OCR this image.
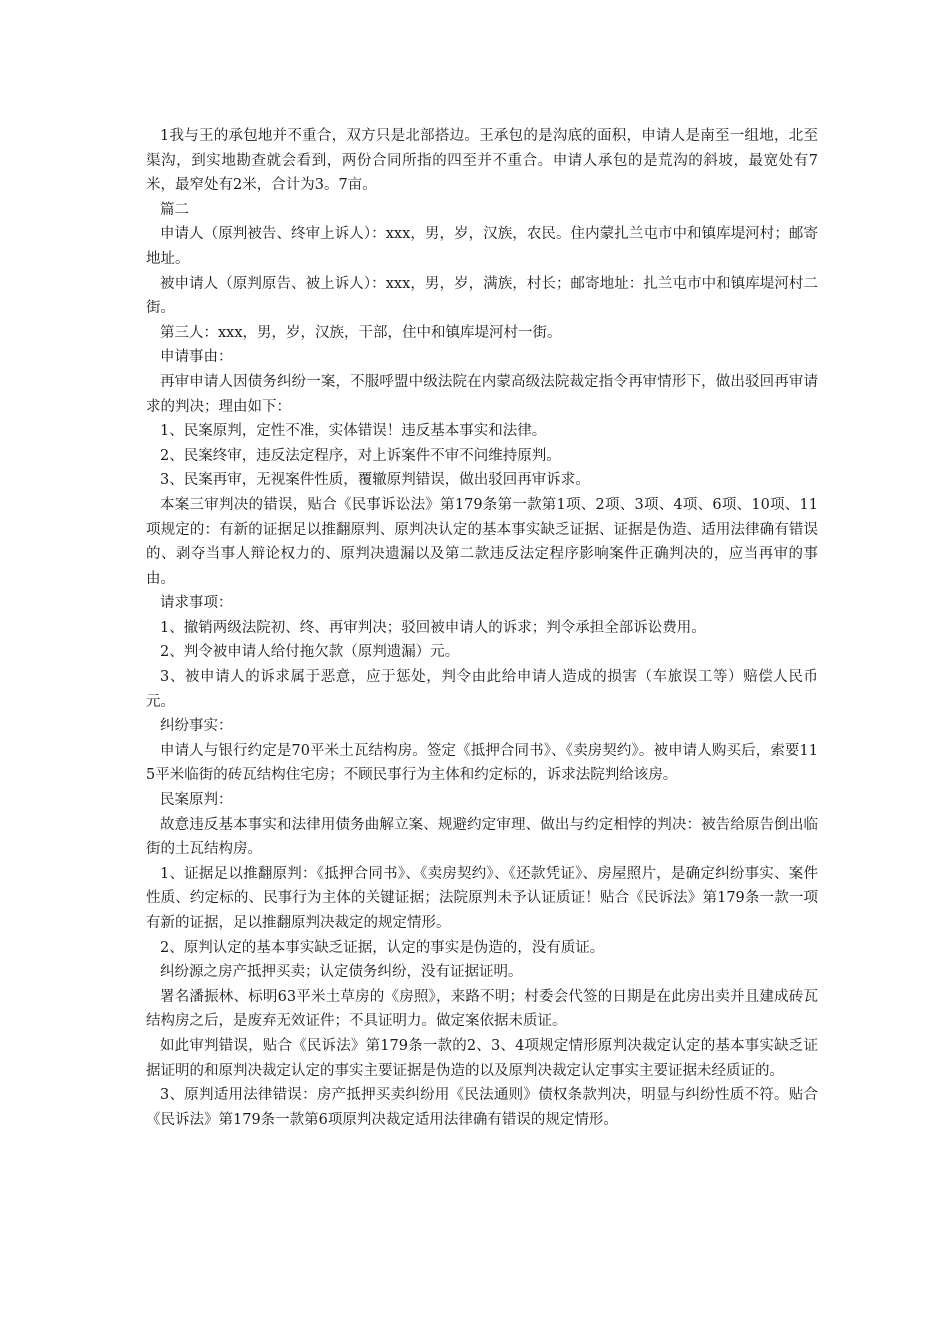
1我与王的承包地并不重合，双方只是北部搭边。王承包的是沟底的面积，申请人是南至一组地，北至渠沟，到实地勘查就会看到，两份合同所指的四至并不重合。申请人承包的是荒沟的斜坡，最宽处有7米，最窄处有2米，合计为3。7亩。

篇二

申请人（原判被告、终审上诉人）：xxx，男，岁，汉族，农民。住内蒙扎兰屯市中和镇库堤河村；邮寄地址。

被申请人（原判原告、被上诉人）：xxx，男，岁，满族，村长；邮寄地址：扎兰屯市中和镇库堤河村二街。

第三人：xxx，男，岁，汉族，干部，住中和镇库堤河村一街。

申请事由：

再审申请人因债务纠纷一案，不服呼盟中级法院在内蒙高级法院裁定指令再审情形下，做出驳回再审请求的判决；理由如下：

1、民案原判，定性不准，实体错误！违反基本事实和法律。

2、民案终审，违反法定程序，对上诉案件不审不问维持原判。

3、民案再审，无视案件性质，覆辙原判错误，做出驳回再审诉求。

本案三审判决的错误，贴合《民事诉讼法》第179条第一款第1项、2项、3项、4项、6项、10项、11项规定的：有新的证据足以推翻原判、原判决认定的基本事实缺乏证据、证据是伪造、适用法律确有错误的、剥夺当事人辩论权力的、原判决遗漏以及第二款违反法定程序影响案件正确判决的，应当再审的事由。

请求事项：

1、撤销两级法院初、终、再审判决；驳回被申请人的诉求；判令承担全部诉讼费用。

2、判令被申请人给付拖欠款（原判遗漏）元。

3、被申请人的诉求属于恶意，应于惩处，判令由此给申请人造成的损害（车旅误工等）赔偿人民币元。

纠纷事实：

申请人与银行约定是70平米土瓦结构房。签定《抵押合同书》、《卖房契约》。被申请人购买后，索要115平米临街的砖瓦结构住宅房；不顾民事行为主体和约定标的，诉求法院判给该房。

民案原判：

故意违反基本事实和法律用债务曲解立案、规避约定审理、做出与约定相悖的判决：被告给原告倒出临街的土瓦结构房。

1、证据足以推翻原判：《抵押合同书》、《卖房契约》、《还款凭证》、房屋照片，是确定纠纷事实、案件性质、约定标的、民事行为主体的关键证据；法院原判未予认证质证！贴合《民诉法》第179条一款一项有新的证据，足以推翻原判决裁定的规定情形。

2、原判认定的基本事实缺乏证据，认定的事实是伪造的，没有质证。

纠纷源之房产抵押买卖；认定债务纠纷，没有证据证明。

署名潘振林、标明63平米土草房的《房照》，来路不明；村委会代签的日期是在此房出卖并且建成砖瓦结构房之后，是废弃无效证件；不具证明力。做定案依据未质证。

如此审判错误，贴合《民诉法》第179条一款的2、3、4项规定情形原判决裁定认定的基本事实缺乏证据证明的和原判决裁定认定的事实主要证据是伪造的以及原判决裁定认定事实主要证据未经质证的。

3、原判适用法律错误：房产抵押买卖纠纷用《民法通则》债权条款判决，明显与纠纷性质不符。贴合《民诉法》第179条一款第6项原判决裁定适用法律确有错误的规定情形。
